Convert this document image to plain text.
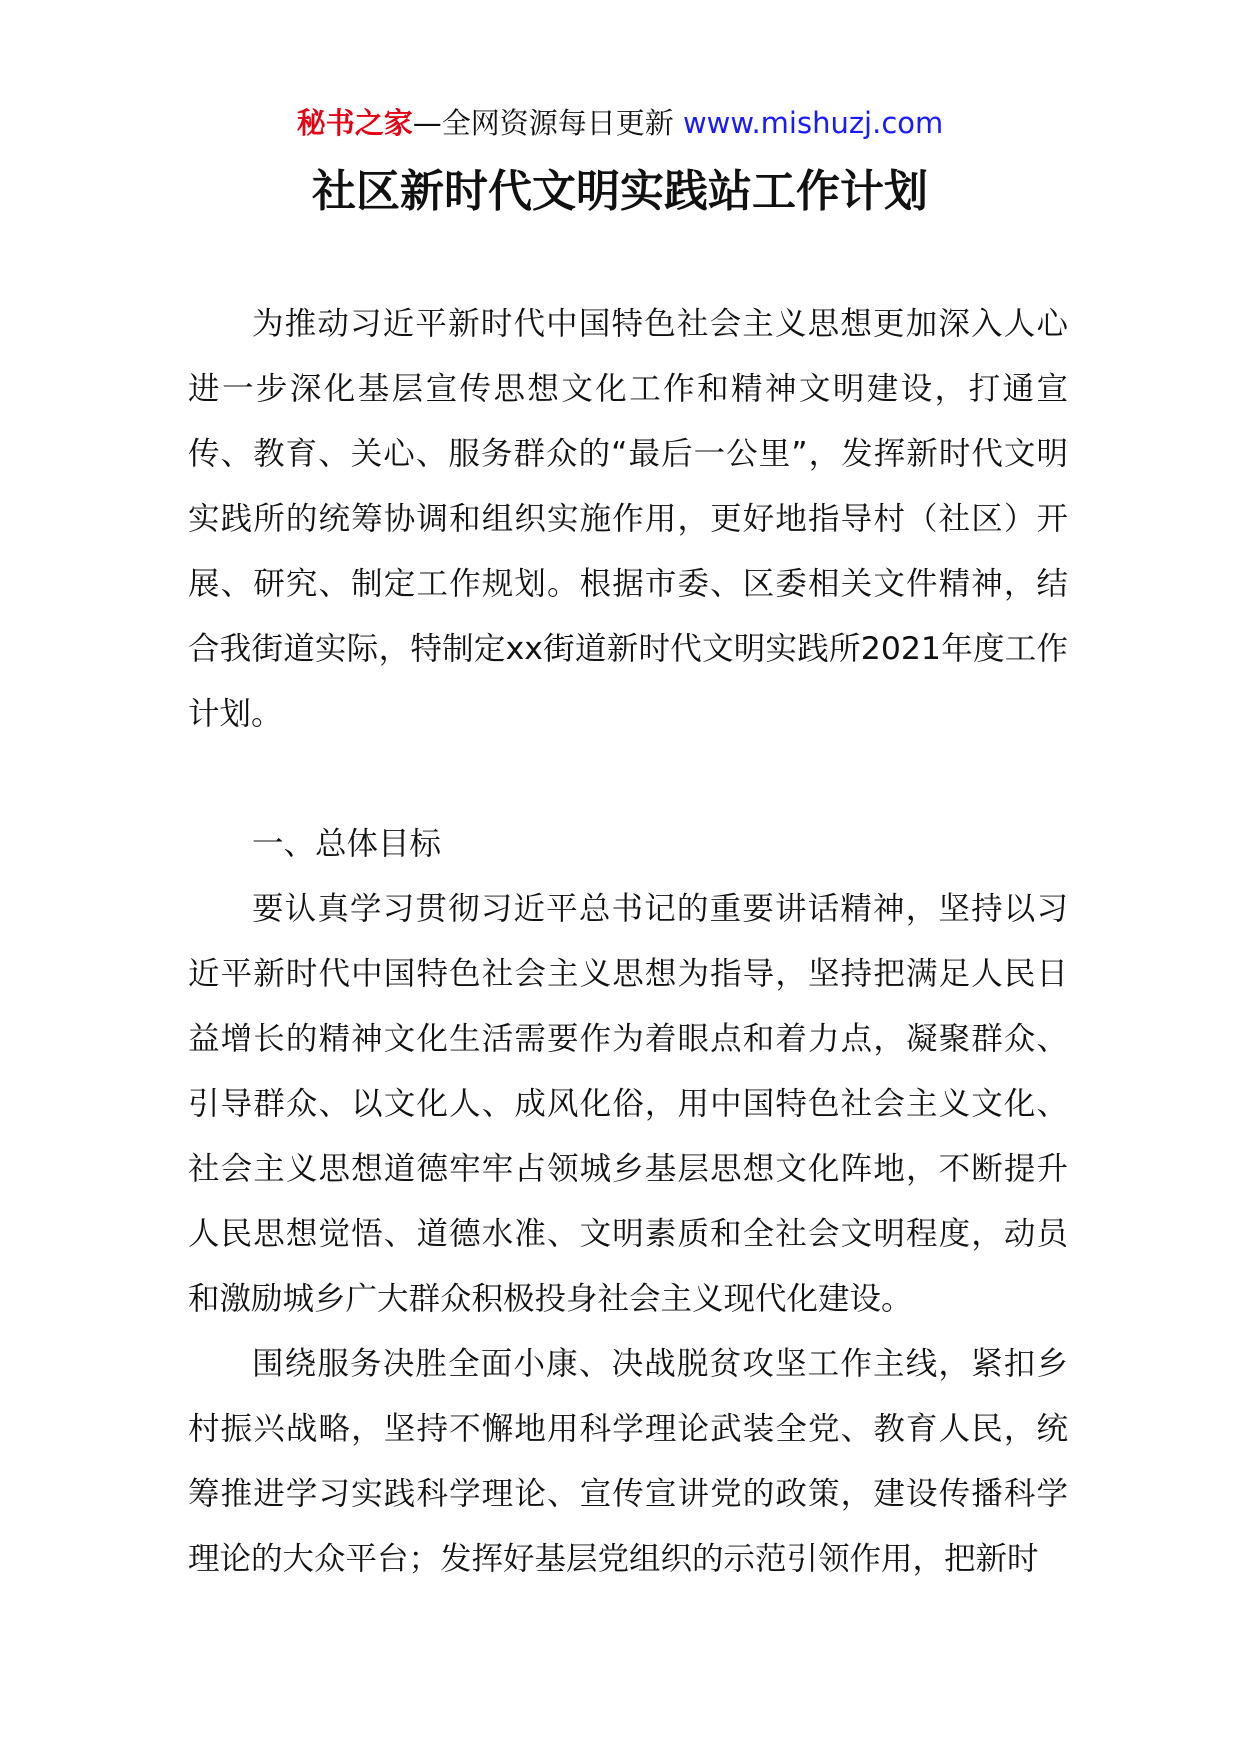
秘书之家—全网资源每日更新 www.mishuzj.com
社区新时代文明实践站工作计划

为推动习近平新时代中国特色社会主义思想更加深入人心进一步深化基层宣传思想文化工作和精神文明建设，打通宣传、教育、关心、服务群众的“最后一公里”，发挥新时代文明实践所的统筹协调和组织实施作用，更好地指导村（社区）开展、研究、制定工作规划。根据市委、区委相关文件精神，结合我街道实际，特制定xx街道新时代文明实践所2021年度工作计划。

一、总体目标

要认真学习贯彻习近平总书记的重要讲话精神，坚持以习近平新时代中国特色社会主义思想为指导，坚持把满足人民日益增长的精神文化生活需要作为着眼点和着力点，凝聚群众、引导群众、以文化人、成风化俗，用中国特色社会主义文化、社会主义思想道德牢牢占领城乡基层思想文化阵地，不断提升人民思想觉悟、道德水准、文明素质和全社会文明程度，动员和激励城乡广大群众积极投身社会主义现代化建设。

围绕服务决胜全面小康、决战脱贫攻坚工作主线，紧扣乡村振兴战略，坚持不懈地用科学理论武装全党、教育人民，统筹推进学习实践科学理论、宣传宣讲党的政策，建设传播科学理论的大众平台；发挥好基层党组织的示范引领作用，把新时
